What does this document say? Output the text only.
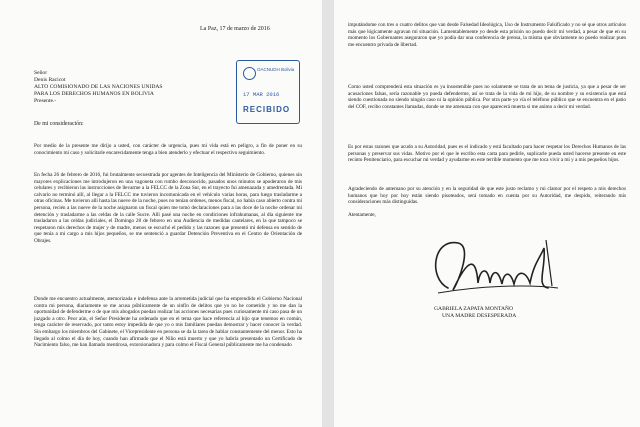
La Paz, 17 de marzo de 2016
Señor
Denis Racicot
ALTO COMISIONADO DE LAS NACIONES UNIDAS
PARA LOS DERECHOS HUMANOS EN BOLIVIA
Presente.-
OACNUDH Bolivia
17 MAR 2016
RECIBIDO
De mi consideración:

Por medio de la presente me dirijo a usted, con carácter de urgencia, pues mi vida está en peligro, a fin de poner en su conocimiento mi caso y solicitarle encarecidamente tenga a bien atenderlo y efectuar el respectivo seguimiento.

En fecha 26 de febrero de 2016, fui brutalmente secuestrada por agentes de Inteligencia del Ministerio de Gobierno, quienes sin mayores explicaciones me introdujeron en una vagoneta con rumbo desconocido, pasados unos minutos se apoderaron de mis celulares y recibieron las instrucciones de llevarme a la FELCC de la Zona Sur, en el trayecto fui amenazada y amedrentada. Mi calvario no terminó allí, al llegar a la FELCC me tuvieron incomunicada en el vehículo varias horas, para luego trasladarme a otras oficinas. Me tuvieron allí hasta las nueve de la noche, pues no tenían ordenes, menos fiscal, no había caso abierto contra mi persona, recién a las nueve de la noche asignaron un fiscal quien me tomó declaraciones para a las doce de la noche ordenar mi detención y trasladarme a las celdas de la calle Sucre. Allí pasé una noche en condiciones infrahumanas, al día siguiente me trasladaron a las celdas judiciales, el Domingo 28 de febrero en una Audiencia de medidas cautelares, en la que tampoco se respetaron mis derechos de mujer y de madre, menos se escuchó el pedido y las razones que presentó mi defensa en sentido de que tenía a mi cargo a mis hijos pequeños, se me sentenció a guardar Detención Preventiva en el Centro de Orientación de Obrajes.

Donde me encuentro actualmente, atemorizada e indefensa ante la arremetida judicial que ha emprendido el Gobierno Nacional contra mi persona, diariamente se me acusa públicamente de un sinfín de delitos que yo no he cometido y no me dan la oportunidad de defenderme o de que mis abogados puedan realizar las acciones necesarias pues curiosamente mi caso pasa de un juzgado a otro. Peor aún, el Señor Presidente ha ordenado que en el tema que hace referencia al hijo que tenemos en común, tenga carácter de reservado, por tanto estoy impedida de que yo o mis familiares puedan demostrar y hacer conocer la verdad. Sin embargo los miembros del Gabinete, el Vicepresidente en persona se da la tarea de hablar constantemente del menor. Esto ha llegado al colmo el día de hoy, cuando han afirmado que el Niño está muerto y que yo habría presentado un Certificado de Nacimiento falso, me han llamado mentirosa, extorsionadora y para colmo el Fiscal General públicamente me ha condenado

imputándome con tres o cuatro delitos que van desde Falsedad Ideológica, Uso de Instrumento Falsificado y no sé que otros artículos más que lógicamente agravan mi situación. Lamentablemente yo desde esta prisión no puedo decir mi verdad, a pesar de que en su momento los Gobernantes aseguraron que yo podía dar una conferencia de prensa, la misma que obviamente no puedo realizar pues me encuentro privada de libertad.

Como usted comprenderá esta situación es ya insostenible pues no solamente se trata de un tema de justicia, ya que a pesar de ser acusaciones falsas, sería razonable yo pueda defenderme, así se trata de la vida de mi hijo, de su nombre y su existencia que está siendo cuestionada no siendo ningún caso ni la opinión pública. Por otra parte yo vía el teléfono público que se encuentra en el patio del COF, recibo constantes llamadas, donde se me amenaza con que aparecerá muerta si me animo a decir mi verdad.

Es por estas razones que acudo a su Autoridad, pues es el indicado y está facultado para hacer respetar los Derechos Humanos de las personas y preservar sus vidas. Motivo por el que le escribo esta carta para pedirle, suplicarle pueda usted hacerse presente en este recinto Penitenciario, para escuchar mi verdad y ayudarme en este terrible momento que me toca vivir a mí y a mis pequeños hijos.

Agradeciendo de antemano por su atención y en la seguridad de que este justo reclamo y mi clamor por el respeto a mis derechos humanos que hoy por hoy están siendo pisoteados, será tomado en cuenta por su Autoridad, me despido, reiterando mis consideraciones más distinguidas.

Atentamente,
GABRIELA ZAPATA MONTAÑO
UNA MADRE DESESPERADA
